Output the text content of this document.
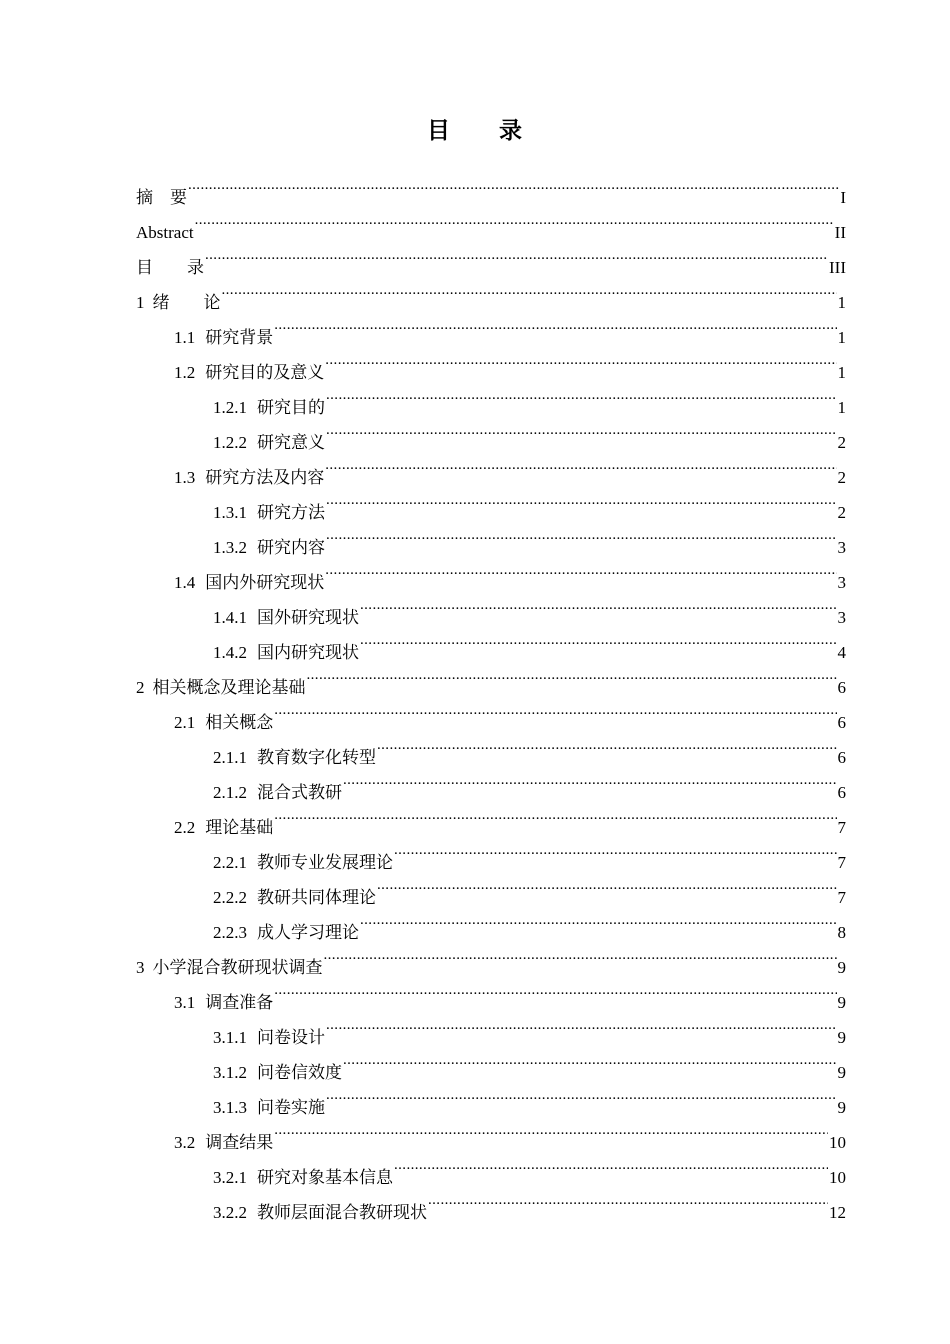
目 录
摘　要 .....	I
Abstract .....	II
目　　录 .....	III
1 绪　　论 .....	1
1.1 研究背景 .....	1
1.2 研究目的及意义 .....	1
1.2.1 研究目的 .....	1
1.2.2 研究意义 .....	2
1.3 研究方法及内容 .....	2
1.3.1 研究方法 .....	2
1.3.2 研究内容 .....	3
1.4 国内外研究现状 .....	3
1.4.1 国外研究现状 .....	3
1.4.2 国内研究现状 .....	4
2 相关概念及理论基础 .....	6
2.1 相关概念 .....	6
2.1.1 教育数字化转型 .....	6
2.1.2 混合式教研 .....	6
2.2 理论基础 .....	7
2.2.1 教师专业发展理论 .....	7
2.2.2 教研共同体理论 .....	7
2.2.3 成人学习理论 .....	8
3 小学混合教研现状调查 .....	9
3.1 调查准备 .....	9
3.1.1 问卷设计 .....	9
3.1.2 问卷信效度 .....	9
3.1.3 问卷实施 .....	9
3.2 调查结果 .....	10
3.2.1 研究对象基本信息 .....	10
3.2.2 教师层面混合教研现状 .....	12
